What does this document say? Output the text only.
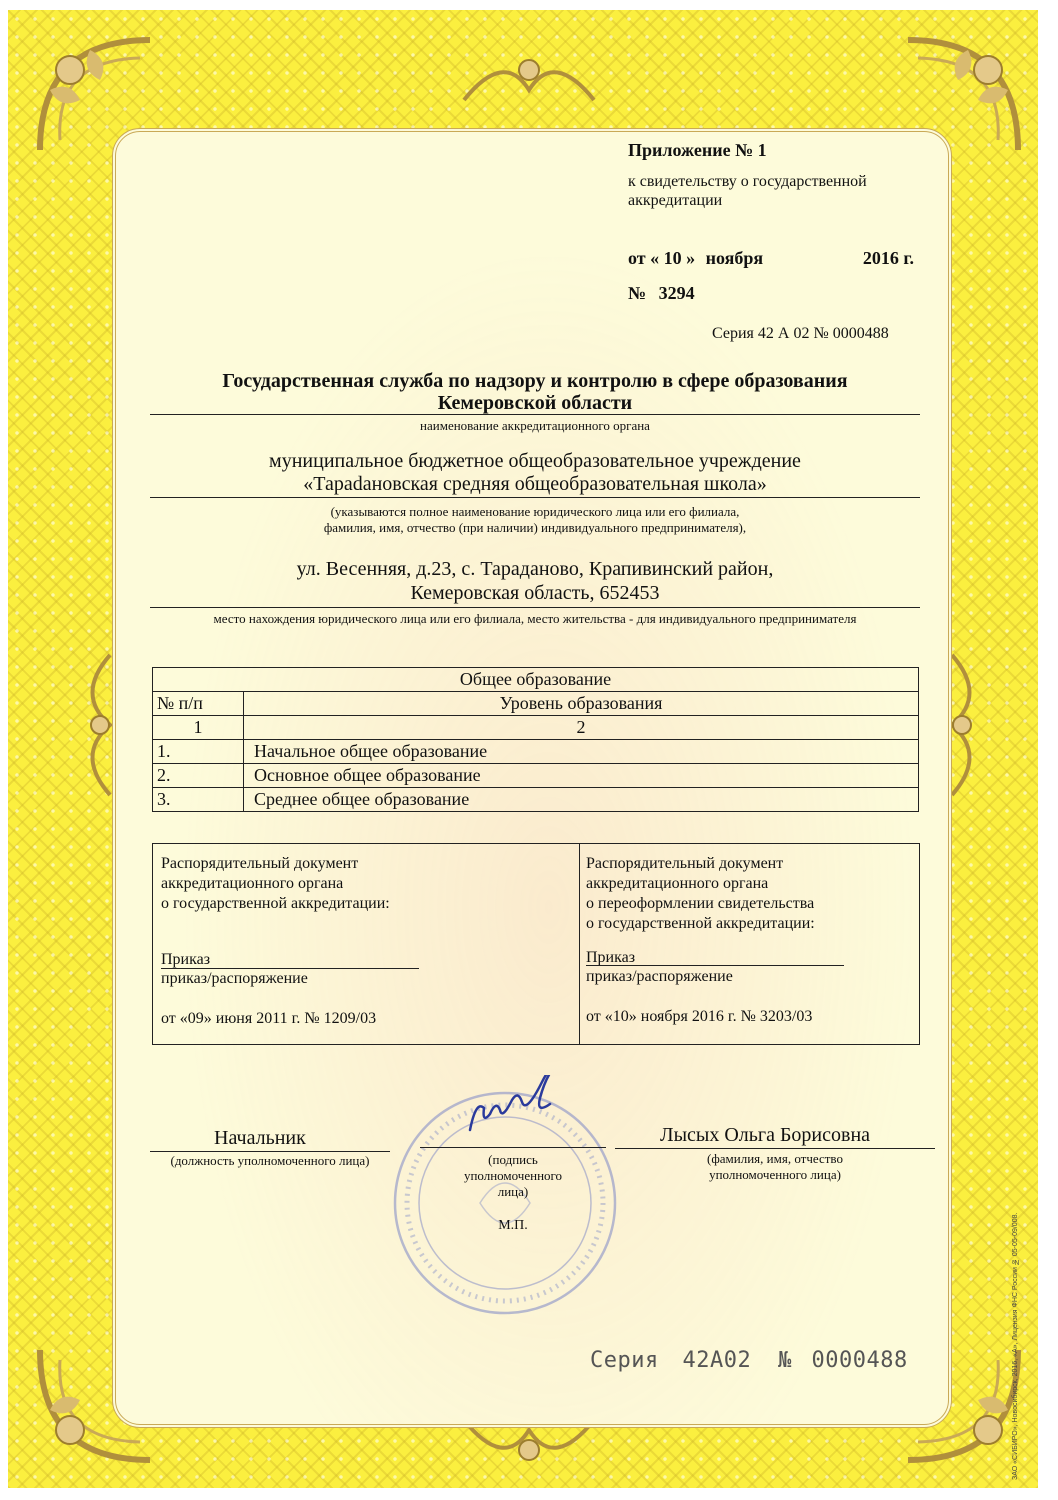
Приложение № 1

к свидетельству о государственной

аккредитации

от « 10 » ноября	2016 г.
№ 3294

Серия 42 А 02 № 0000488

Государственная служба по надзору и контролю в сфере образования

Кемеровской области

наименование аккредитационного органа

муниципальное бюджетное общеобразовательное учреждение

«Тараdановская средняя общеобразовательная школа»

(указываются полное наименование юридического лица или его филиала,

фамилия, имя, отчество (при наличии) индивидуального предпринимателя),

ул. Весенняя, д.23, с. Тараданово, Крапивинский район,

Кемеровская область, 652453

место нахождения юридического лица или его филиала, место жительства - для индивидуального предпринимателя

Общее образование	
№ п/п	Уровень образования
1	2
1.	Начальное общее образование
2.	Основное общее образование
3.	Среднее общее образование

Распорядительный документ

аккредитационного органа

о государственной аккредитации:

Приказ

приказ/распоряжение

от «09» июня 2011 г. № 1209/03

Распорядительный документ

аккредитационного органа

о переоформлении свидетельства

о государственной аккредитации:

Приказ

приказ/распоряжение

от «10» ноября 2016 г. № 3203/03

Начальник

(должность уполномоченного лица)	(подпись

уполномоченного

лица)

М.П.

Лысых Ольга Борисовна

(фамилия, имя, отчество

уполномоченного лица)

Серия 42А02 № 0000488	ЗАО «СИБИРО», Новосибирск, 2016, «А», Лицензия ФНС России № 05-05-09/008.
